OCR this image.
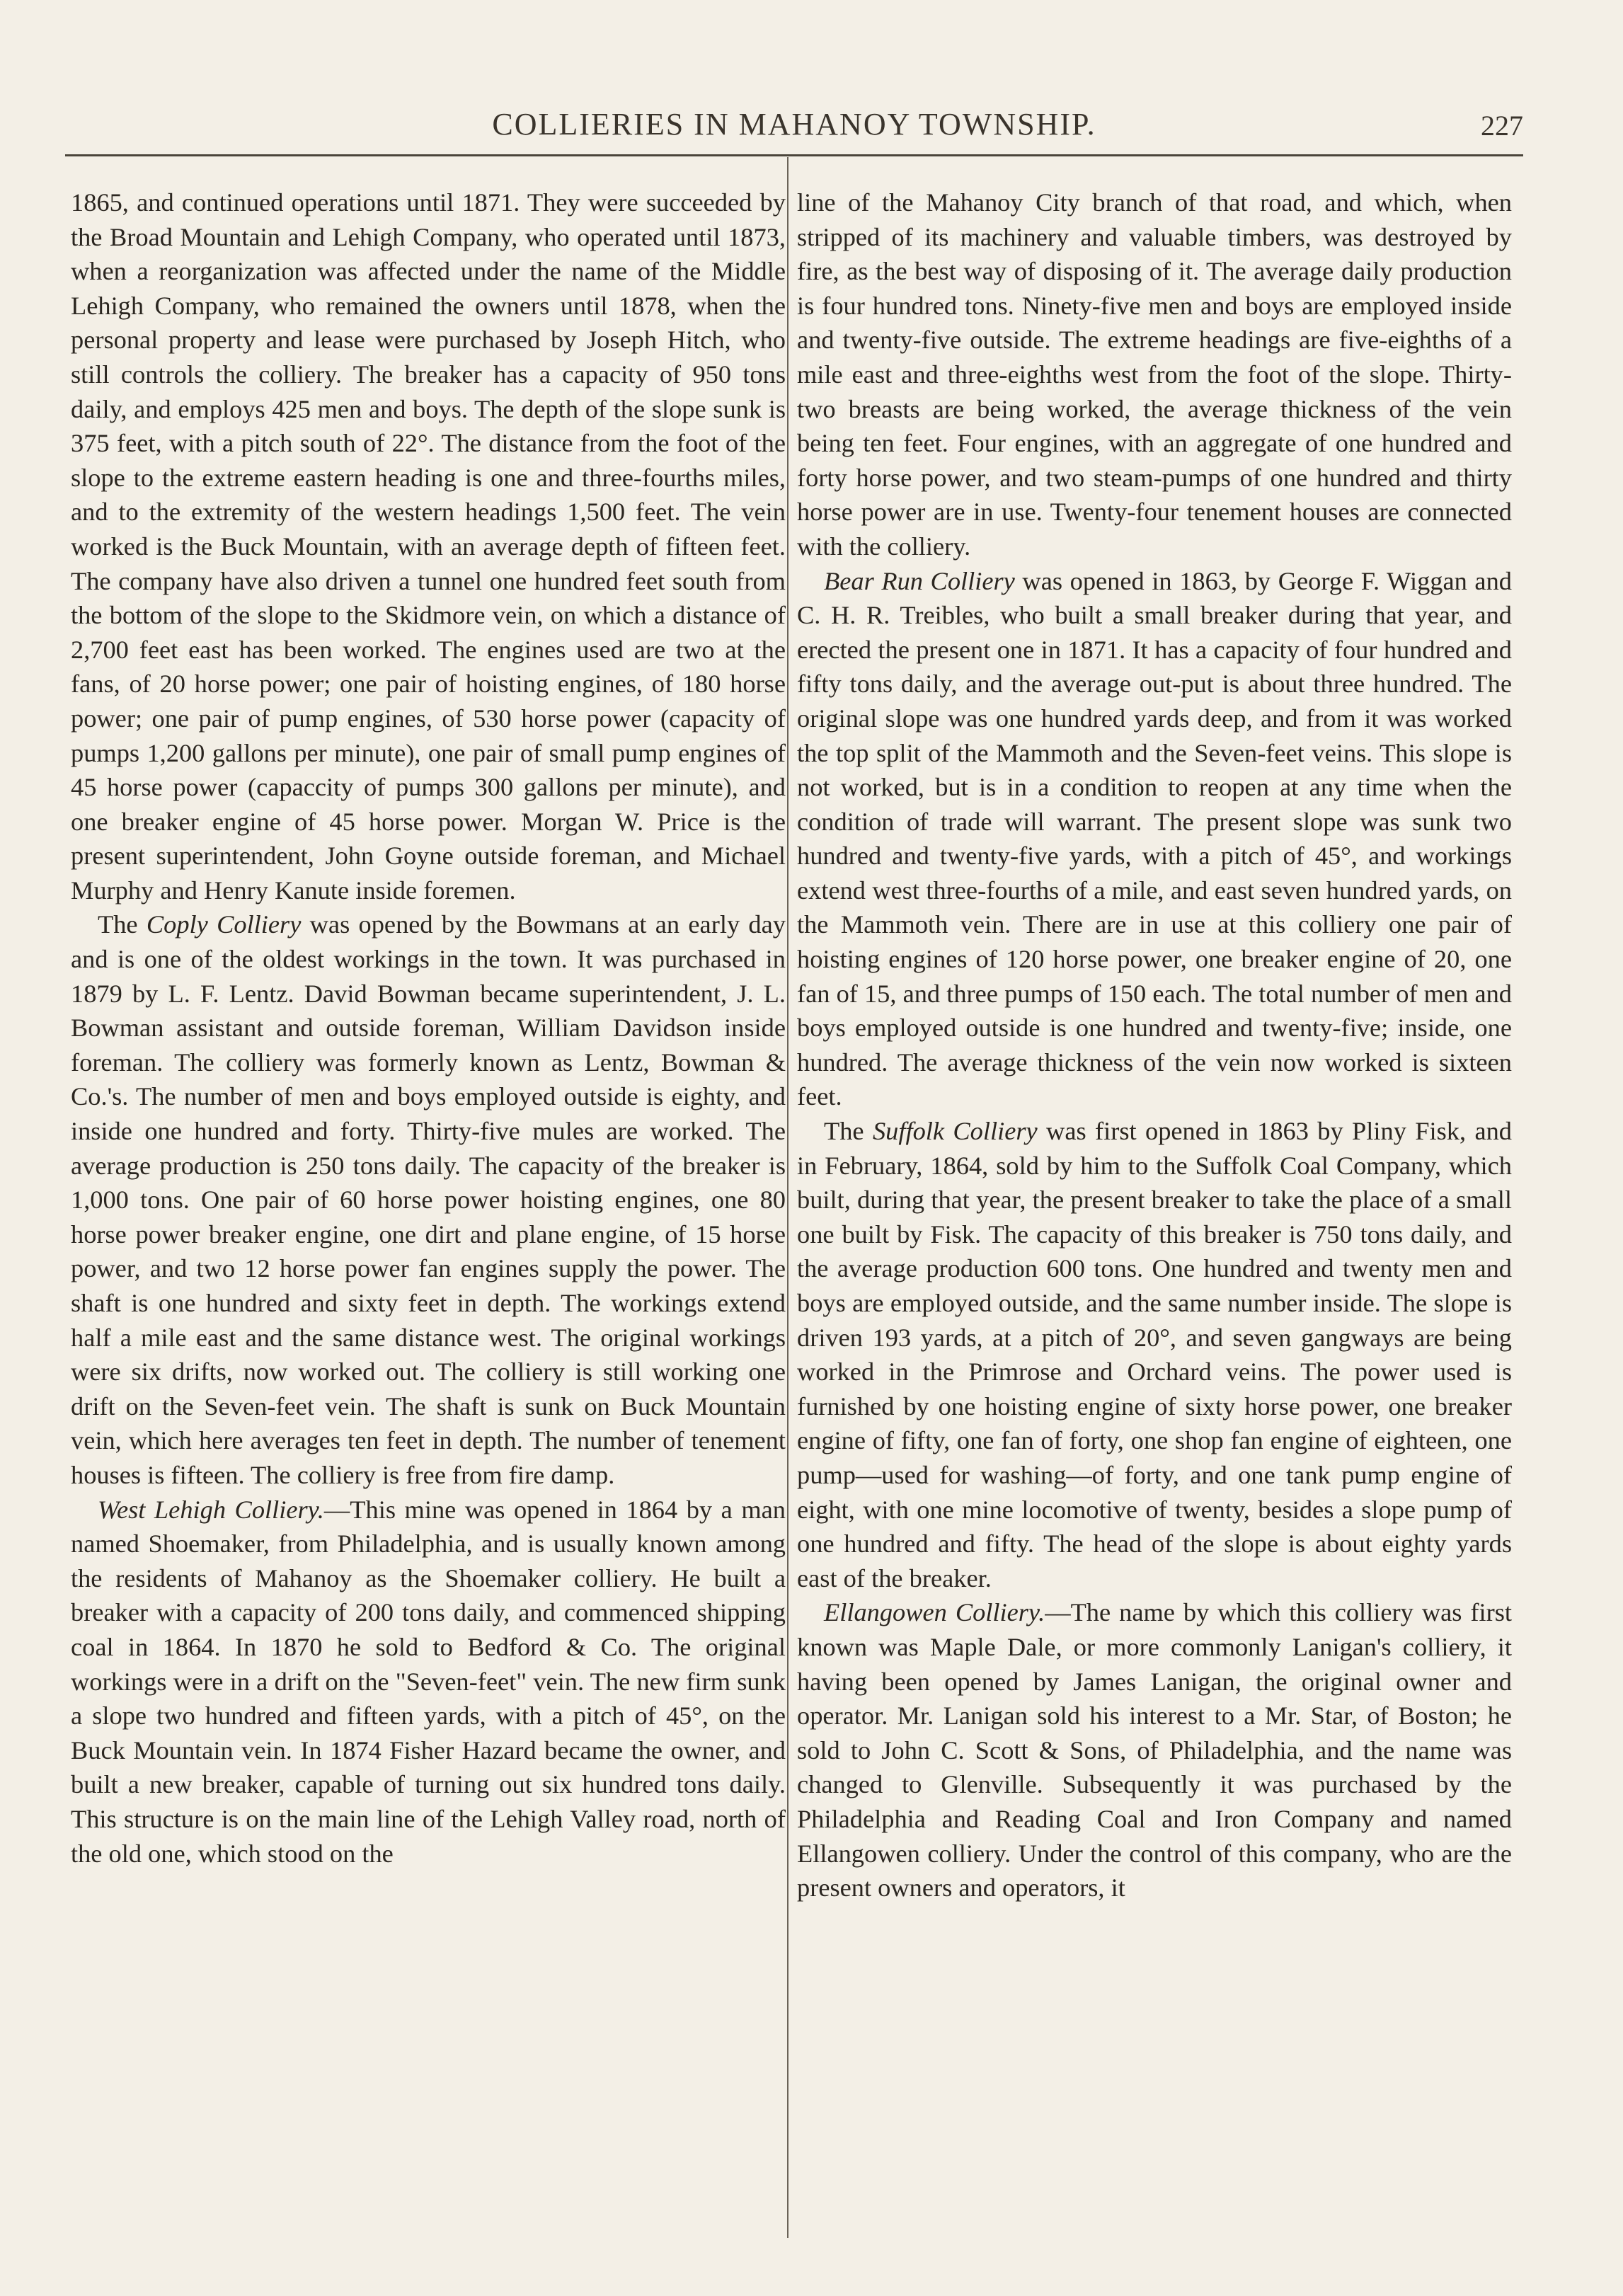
COLLIERIES IN MAHANOY TOWNSHIP.	227

1865, and continued operations until 1871. They were succeeded by the Broad Mountain and Lehigh Company, who operated until 1873, when a reorganization was affected under the name of the Middle Lehigh Company, who remained the owners until 1878, when the personal property and lease were purchased by Joseph Hitch, who still controls the colliery. The breaker has a capacity of 950 tons daily, and employs 425 men and boys. The depth of the slope sunk is 375 feet, with a pitch south of 22°. The distance from the foot of the slope to the extreme eastern heading is one and three-fourths miles, and to the extremity of the western headings 1,500 feet. The vein worked is the Buck Mountain, with an average depth of fifteen feet. The company have also driven a tunnel one hundred feet south from the bottom of the slope to the Skidmore vein, on which a distance of 2,700 feet east has been worked. The engines used are two at the fans, of 20 horse power; one pair of hoisting engines, of 180 horse power; one pair of pump engines, of 530 horse power (capacity of pumps 1,200 gallons per minute), one pair of small pump engines of 45 horse power (capaccity of pumps 300 gallons per minute), and one breaker engine of 45 horse power. Morgan W. Price is the present superintendent, John Goyne outside foreman, and Michael Murphy and Henry Kanute inside foremen.

The Coply Colliery was opened by the Bowmans at an early day and is one of the oldest workings in the town. It was purchased in 1879 by L. F. Lentz. David Bowman became superintendent, J. L. Bowman assistant and outside foreman, William Davidson inside foreman. The colliery was formerly known as Lentz, Bowman & Co.'s. The number of men and boys employed outside is eighty, and inside one hundred and forty. Thirty-five mules are worked. The average production is 250 tons daily. The capacity of the breaker is 1,000 tons. One pair of 60 horse power hoisting engines, one 80 horse power breaker engine, one dirt and plane engine, of 15 horse power, and two 12 horse power fan engines supply the power. The shaft is one hundred and sixty feet in depth. The workings extend half a mile east and the same distance west. The original workings were six drifts, now worked out. The colliery is still working one drift on the Seven-feet vein. The shaft is sunk on Buck Mountain vein, which here averages ten feet in depth. The number of tenement houses is fifteen. The colliery is free from fire damp.

West Lehigh Colliery.—This mine was opened in 1864 by a man named Shoemaker, from Philadelphia, and is usually known among the residents of Mahanoy as the Shoemaker colliery. He built a breaker with a capacity of 200 tons daily, and commenced shipping coal in 1864. In 1870 he sold to Bedford & Co. The original workings were in a drift on the "Seven-feet" vein. The new firm sunk a slope two hundred and fifteen yards, with a pitch of 45°, on the Buck Mountain vein. In 1874 Fisher Hazard became the owner, and built a new breaker, capable of turning out six hundred tons daily. This structure is on the main line of the Lehigh Valley road, north of the old one, which stood on the

line of the Mahanoy City branch of that road, and which, when stripped of its machinery and valuable timbers, was destroyed by fire, as the best way of disposing of it. The average daily production is four hundred tons. Ninety-five men and boys are employed inside and twenty-five outside. The extreme headings are five-eighths of a mile east and three-eighths west from the foot of the slope. Thirty-two breasts are being worked, the average thickness of the vein being ten feet. Four engines, with an aggregate of one hundred and forty horse power, and two steam-pumps of one hundred and thirty horse power are in use. Twenty-four tenement houses are connected with the colliery.

Bear Run Colliery was opened in 1863, by George F. Wiggan and C. H. R. Treibles, who built a small breaker during that year, and erected the present one in 1871. It has a capacity of four hundred and fifty tons daily, and the average out-put is about three hundred. The original slope was one hundred yards deep, and from it was worked the top split of the Mammoth and the Seven-feet veins. This slope is not worked, but is in a condition to reopen at any time when the condition of trade will warrant. The present slope was sunk two hundred and twenty-five yards, with a pitch of 45°, and workings extend west three-fourths of a mile, and east seven hundred yards, on the Mammoth vein. There are in use at this colliery one pair of hoisting engines of 120 horse power, one breaker engine of 20, one fan of 15, and three pumps of 150 each. The total number of men and boys employed outside is one hundred and twenty-five; inside, one hundred. The average thickness of the vein now worked is sixteen feet.

The Suffolk Colliery was first opened in 1863 by Pliny Fisk, and in February, 1864, sold by him to the Suffolk Coal Company, which built, during that year, the present breaker to take the place of a small one built by Fisk. The capacity of this breaker is 750 tons daily, and the average production 600 tons. One hundred and twenty men and boys are employed outside, and the same number inside. The slope is driven 193 yards, at a pitch of 20°, and seven gangways are being worked in the Primrose and Orchard veins. The power used is furnished by one hoisting engine of sixty horse power, one breaker engine of fifty, one fan of forty, one shop fan engine of eighteen, one pump—used for washing—of forty, and one tank pump engine of eight, with one mine locomotive of twenty, besides a slope pump of one hundred and fifty. The head of the slope is about eighty yards east of the breaker.

Ellangowen Colliery.—The name by which this colliery was first known was Maple Dale, or more commonly Lanigan's colliery, it having been opened by James Lanigan, the original owner and operator. Mr. Lanigan sold his interest to a Mr. Star, of Boston; he sold to John C. Scott & Sons, of Philadelphia, and the name was changed to Glenville. Subsequently it was purchased by the Philadelphia and Reading Coal and Iron Company and named Ellangowen colliery. Under the control of this company, who are the present owners and operators, it
